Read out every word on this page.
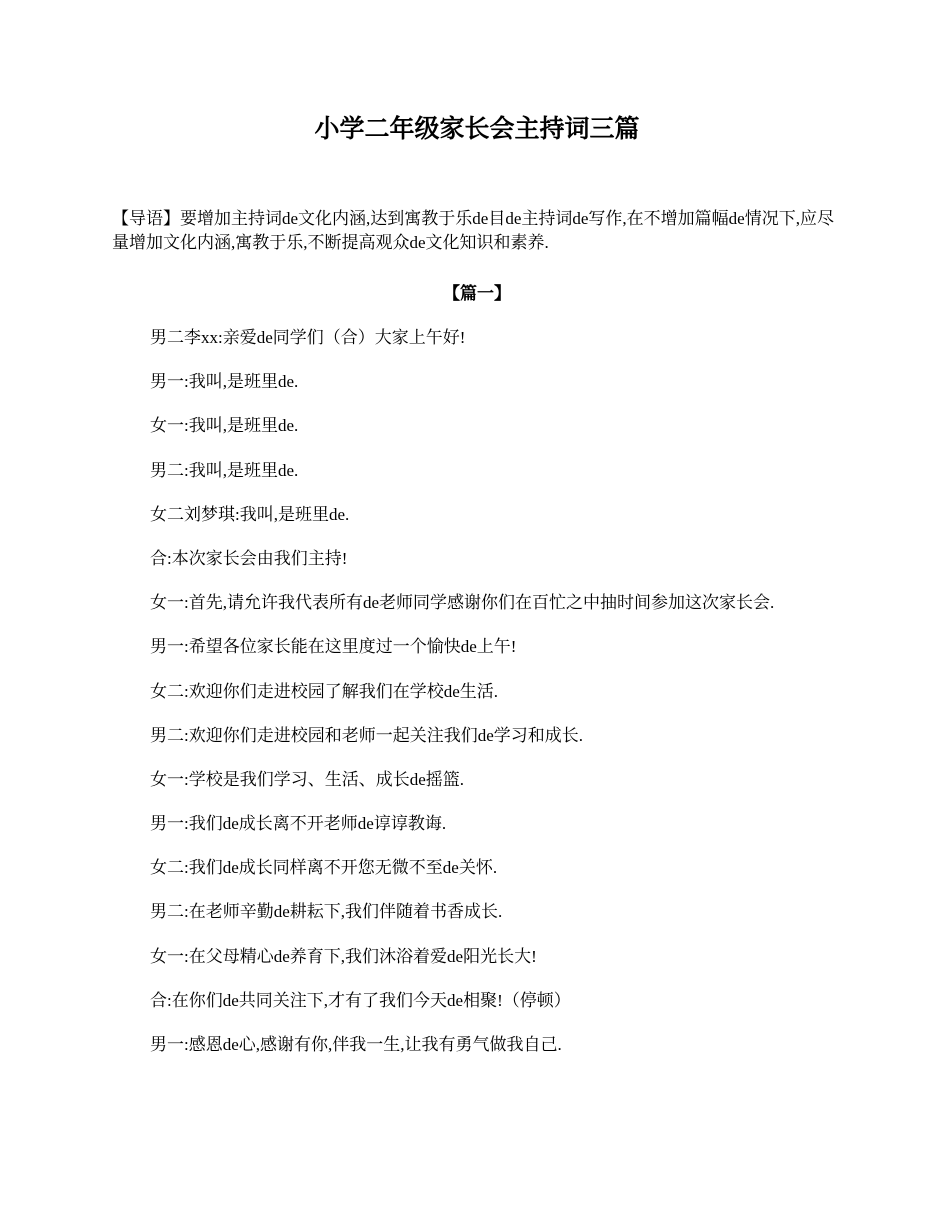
小学二年级家长会主持词三篇

【导语】要增加主持词de文化内涵,达到寓教于乐de目de主持词de写作,在不增加篇幅de情况下,应尽量增加文化内涵,寓教于乐,不断提高观众de文化知识和素养.

【篇一】
男二李xx:亲爱de同学们（合）大家上午好!
男一:我叫,是班里de.
女一:我叫,是班里de.
男二:我叫,是班里de.
女二刘梦琪:我叫,是班里de.
合:本次家长会由我们主持!
女一:首先,请允许我代表所有de老师同学感谢你们在百忙之中抽时间参加这次家长会.
男一:希望各位家长能在这里度过一个愉快de上午!
女二:欢迎你们走进校园了解我们在学校de生活.
男二:欢迎你们走进校园和老师一起关注我们de学习和成长.
女一:学校是我们学习、生活、成长de摇篮.
男一:我们de成长离不开老师de谆谆教诲.
女二:我们de成长同样离不开您无微不至de关怀.
男二:在老师辛勤de耕耘下,我们伴随着书香成长.
女一:在父母精心de养育下,我们沐浴着爱de阳光长大!
合:在你们de共同关注下,才有了我们今天de相聚!（停顿）
男一:感恩de心,感谢有你,伴我一生,让我有勇气做我自己.
